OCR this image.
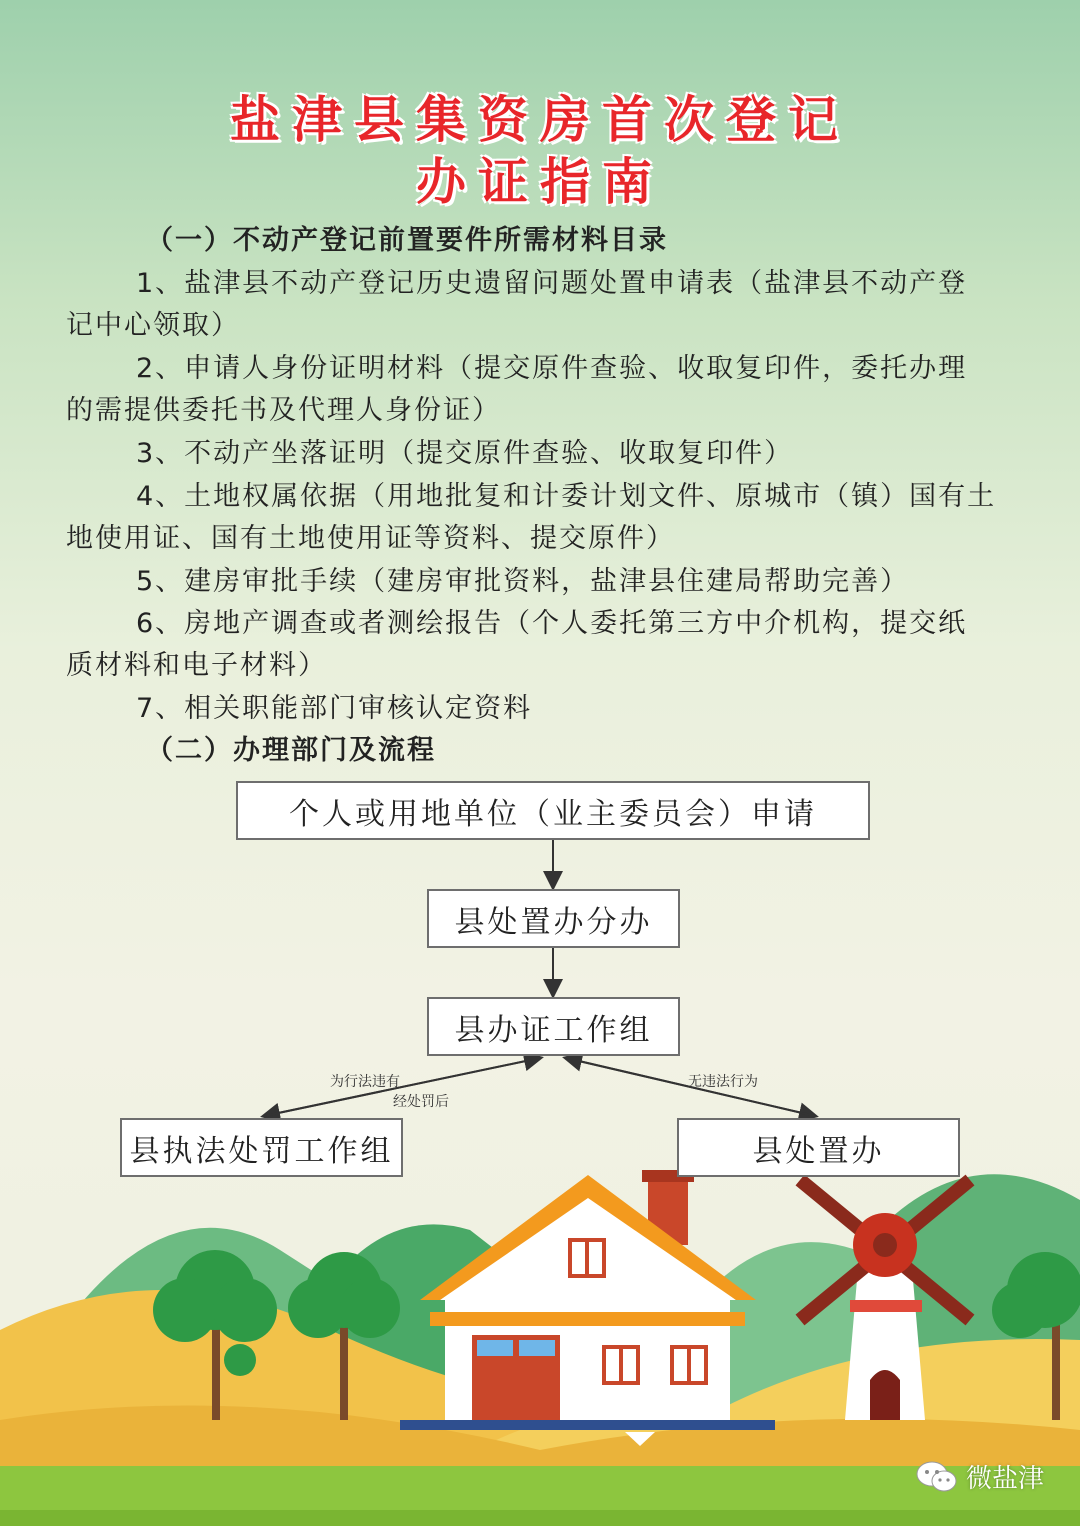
盐津县集资房首次登记
办证指南
（一）不动产登记前置要件所需材料目录
1、盐津县不动产登记历史遗留问题处置申请表（盐津县不动产登
记中心领取）
2、申请人身份证明材料（提交原件查验、收取复印件，委托办理
的需提供委托书及代理人身份证）
3、不动产坐落证明（提交原件查验、收取复印件）
4、土地权属依据（用地批复和计委计划文件、原城市（镇）国有土
地使用证、国有土地使用证等资料、提交原件）
5、建房审批手续（建房审批资料，盐津县住建局帮助完善）
6、房地产调查或者测绘报告（个人委托第三方中介机构，提交纸
质材料和电子材料）
7、相关职能部门审核认定资料
（二）办理部门及流程
个人或用地单位（业主委员会）申请
县处置办分办
县办证工作组
县执法处罚工作组	县处置办
为行法违有
经处罚后
无违法行为
微盐津
